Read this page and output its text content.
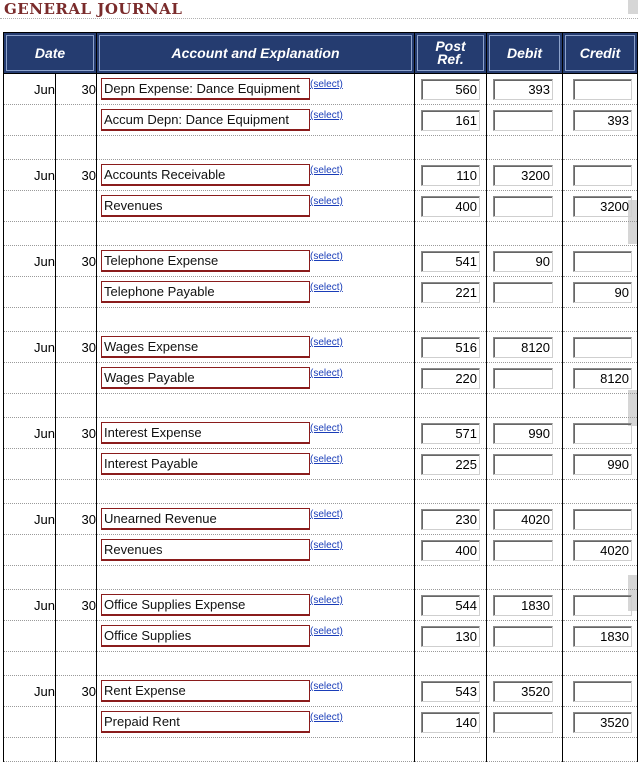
GENERAL JOURNAL
Date		Account and Explanation	Post
Ref.	Debit	Credit

Jun	30	Depn Expense: Dance Equipment (select)	560	393	

		Accum Depn: Dance Equipment (select)	161		393

Jun	30	Accounts Receivable (select)	110	3200	

		Revenues (select)	400		3200

Jun	30	Telephone Expense (select)	541	90	

		Telephone Payable (select)	221		90

Jun	30	Wages Expense (select)	516	8120	

		Wages Payable (select)	220		8120

Jun	30	Interest Expense (select)	571	990	

		Interest Payable (select)	225		990

Jun	30	Unearned Revenue (select)	230	4020	

		Revenues (select)	400		4020

Jun	30	Office Supplies Expense (select)	544	1830	

		Office Supplies (select)	130		1830

Jun	30	Rent Expense (select)	543	3520	

		Prepaid Rent (select)	140		3520
